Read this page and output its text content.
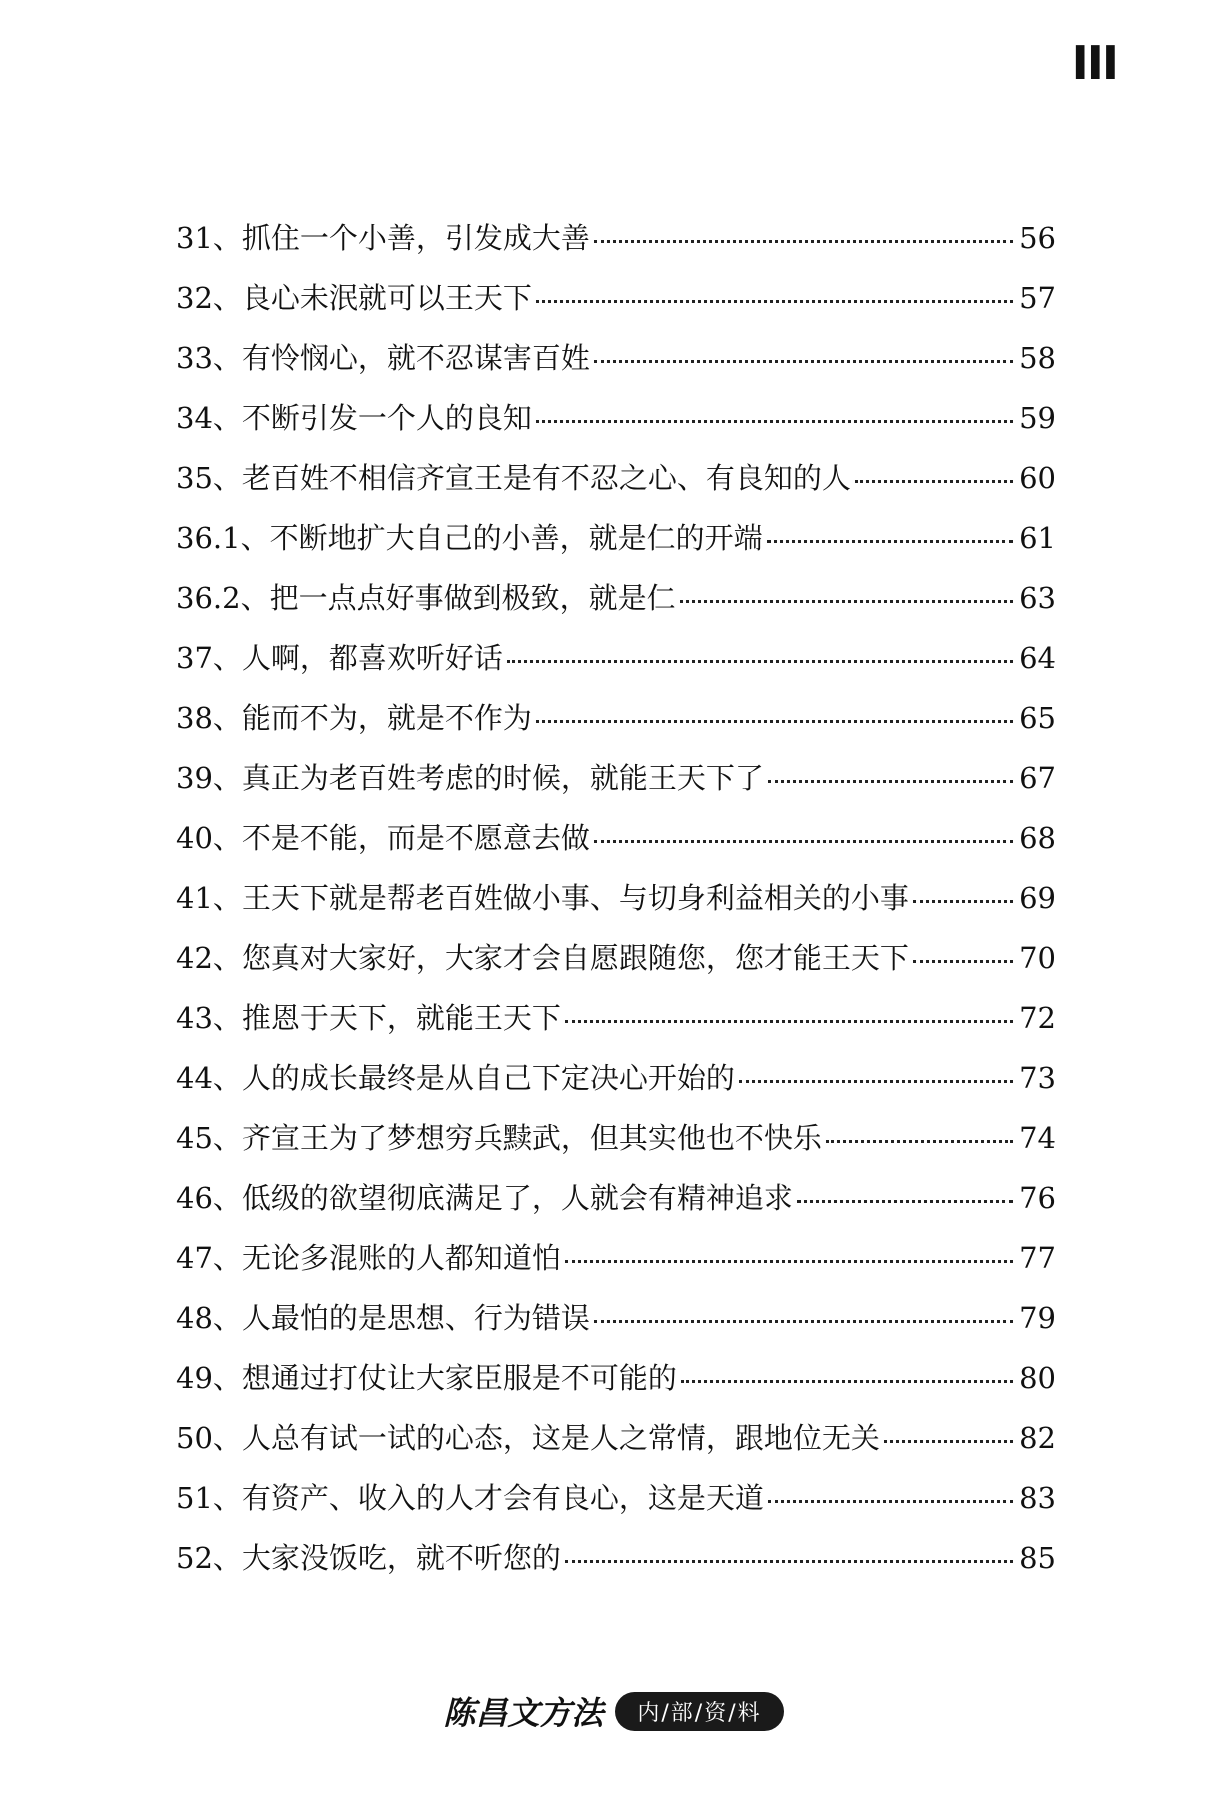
III
31、抓住一个小善，引发成大善	56
32、良心未泯就可以王天下	57
33、有怜悯心，就不忍谋害百姓	58
34、不断引发一个人的良知	59
35、老百姓不相信齐宣王是有不忍之心、有良知的人	60
36.1、不断地扩大自己的小善，就是仁的开端	61
36.2、把一点点好事做到极致，就是仁	63
37、人啊，都喜欢听好话	64
38、能而不为，就是不作为	65
39、真正为老百姓考虑的时候，就能王天下了	67
40、不是不能，而是不愿意去做	68
41、王天下就是帮老百姓做小事、与切身利益相关的小事	69
42、您真对大家好，大家才会自愿跟随您，您才能王天下	70
43、推恩于天下，就能王天下	72
44、人的成长最终是从自己下定决心开始的	73
45、齐宣王为了梦想穷兵黩武，但其实他也不快乐	74
46、低级的欲望彻底满足了，人就会有精神追求	76
47、无论多混账的人都知道怕	77
48、人最怕的是思想、行为错误	79
49、想通过打仗让大家臣服是不可能的	80
50、人总有试一试的心态，这是人之常情，跟地位无关	82
51、有资产、收入的人才会有良心，这是天道	83
52、大家没饭吃，就不听您的	85
陈昌文方法	内/部/资/料
